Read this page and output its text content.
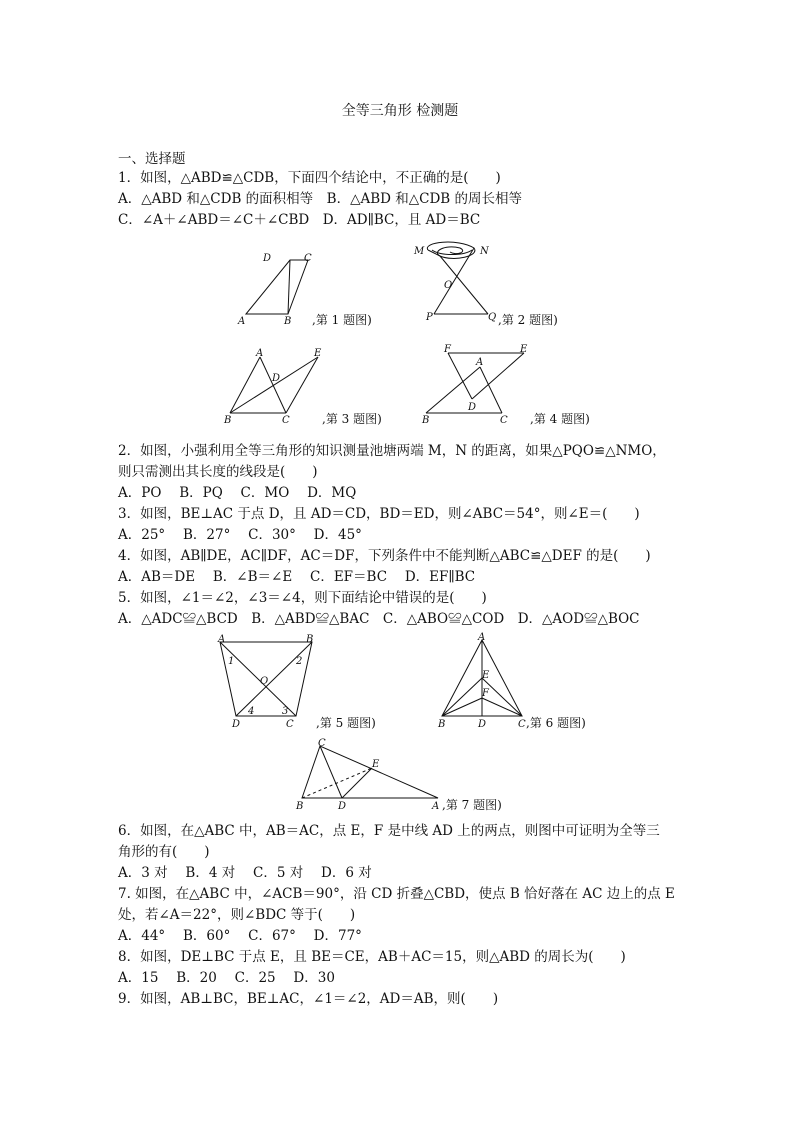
全等三角形 检测题
一、选择题
1．如图，△ABD≌△CDB，下面四个结论中，不正确的是(　　)
A．△ABD 和△CDB 的面积相等　B．△ABD 和△CDB 的周长相等
C．∠A＋∠ABD＝∠C＋∠CBD　D．AD∥BC，且 AD＝BC
D	C
A	B ,第 1 题图)
M	N
O
P	Q ,第 2 题图)
A	E
D
B	C	,第 3 题图)
F	E
A
D
B	C ,第 4 题图)
2．如图，小强利用全等三角形的知识测量池塘两端 M，N 的距离，如果△PQO≌△NMO，
则只需测出其长度的线段是(　　)
A．PO　 B．PQ　 C．MO　 D．MQ
3．如图，BE⊥AC 于点 D，且 AD＝CD，BD＝ED，则∠ABC＝54°，则∠E＝(　　)
A．25°　 B．27°　 C．30°　 D．45°
4．如图，AB∥DE，AC∥DF，AC＝DF，下列条件中不能判断△ABC≌△DEF 的是(　　)
A．AB＝DE　 B．∠B＝∠E　 C．EF＝BC　 D．EF∥BC
5．如图，∠1＝∠2，∠3＝∠4，则下面结论中错误的是(　　)
A．△ADC≌△BCD　B．△ABD≌△BAC　C．△ABO≌△COD　D．△AOD≌△BOC
A	B
1	2
O
4	3
D	C ,第 5 题图)
A
E
F
B	D	C ,第 6 题图)
C
E
B	D	A ,第 7 题图)
6．如图，在△ABC 中，AB＝AC，点 E，F 是中线 AD 上的两点，则图中可证明为全等三
角形的有(　　)
A．3 对　 B．4 对　 C．5 对　 D．6 对
7. 如图，在△ABC 中，∠ACB＝90°，沿 CD 折叠△CBD，使点 B 恰好落在 AC 边上的点 E
处，若∠A＝22°，则∠BDC 等于(　　)
A．44°　 B．60°　 C．67°　 D．77°
8．如图，DE⊥BC 于点 E，且 BE＝CE，AB＋AC＝15，则△ABD 的周长为(　　)
A．15　 B．20　 C．25　 D．30
9．如图，AB⊥BC，BE⊥AC，∠1＝∠2，AD＝AB，则(　　)
